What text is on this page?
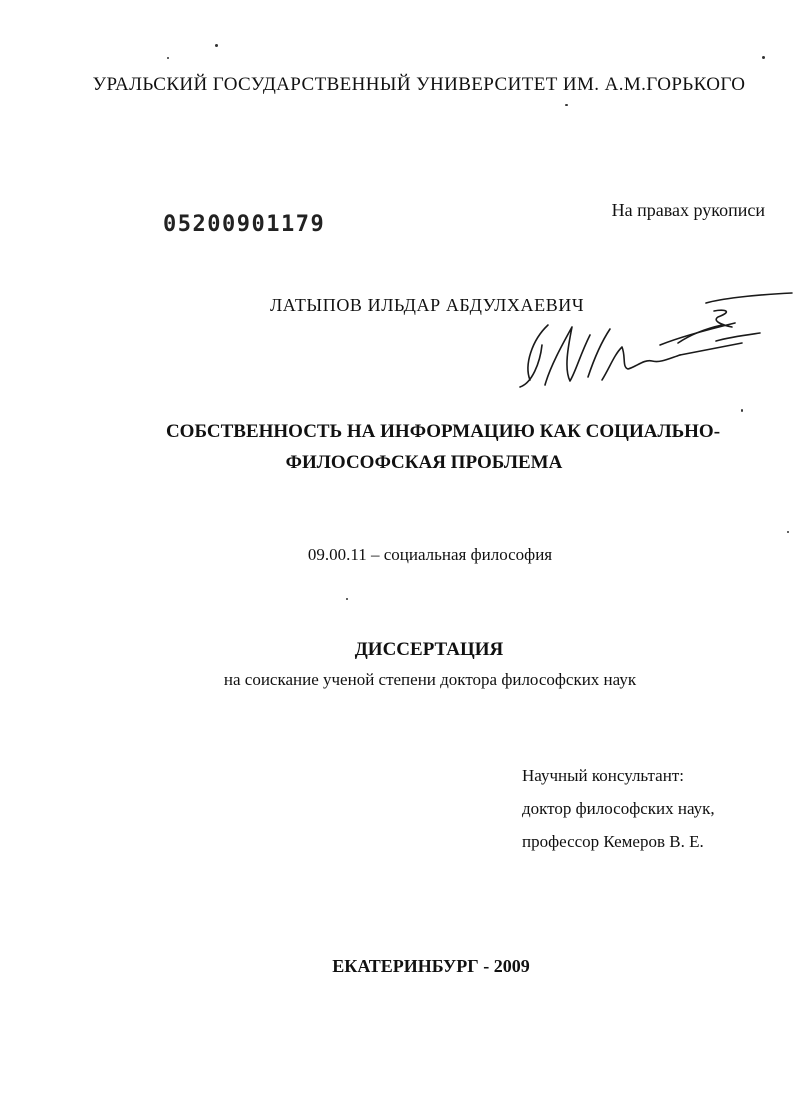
УРАЛЬСКИЙ ГОСУДАРСТВЕННЫЙ УНИВЕРСИТЕТ ИМ. А.М.ГОРЬКОГО
На правах рукописи
05200901179
ЛАТЫПОВ ИЛЬДАР АБДУЛХАЕВИЧ
СОБСТВЕННОСТЬ НА ИНФОРМАЦИЮ КАК СОЦИАЛЬНО-
ФИЛОСОФСКАЯ ПРОБЛЕМА
09.00.11 – социальная философия
ДИССЕРТАЦИЯ
на соискание ученой степени доктора философских наук
Научный консультант:
доктор философских наук,
профессор Кемеров В. Е.
ЕКАТЕРИНБУРГ - 2009
